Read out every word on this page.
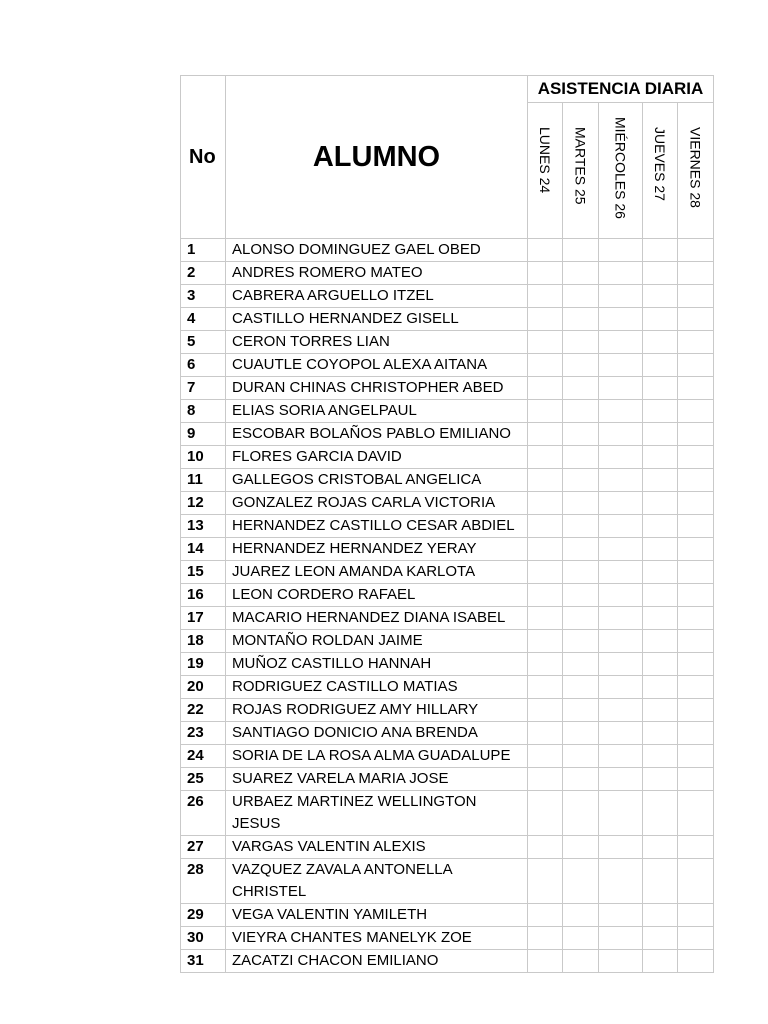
No	ALUMNO	ASISTENCIA DIARIA				

		LUNES 24	MARTES 25	MIÉRCOLES 26	JUEVES 27	VIERNES 28

1	ALONSO DOMINGUEZ GAEL OBED					
2	ANDRES ROMERO MATEO					
3	CABRERA ARGUELLO ITZEL					
4	CASTILLO HERNANDEZ GISELL					
5	CERON TORRES LIAN					
6	CUAUTLE COYOPOL ALEXA AITANA					
7	DURAN CHINAS CHRISTOPHER ABED					
8	ELIAS SORIA ANGELPAUL					
9	ESCOBAR BOLAÑOS PABLO EMILIANO					
10	FLORES GARCIA DAVID					
11	GALLEGOS CRISTOBAL ANGELICA					
12	GONZALEZ ROJAS CARLA VICTORIA					
13	HERNANDEZ CASTILLO CESAR ABDIEL					
14	HERNANDEZ HERNANDEZ YERAY					
15	JUAREZ LEON AMANDA KARLOTA					
16	LEON CORDERO RAFAEL					
17	MACARIO HERNANDEZ DIANA ISABEL					
18	MONTAÑO ROLDAN JAIME					
19	MUÑOZ CASTILLO HANNAH					
20	RODRIGUEZ CASTILLO MATIAS					
22	ROJAS RODRIGUEZ AMY HILLARY					
23	SANTIAGO DONICIO ANA BRENDA					
24	SORIA DE LA ROSA ALMA GUADALUPE					
25	SUAREZ VARELA MARIA JOSE					
26	URBAEZ MARTINEZ WELLINGTON JESUS					
27	VARGAS VALENTIN ALEXIS					
28	VAZQUEZ ZAVALA ANTONELLA CHRISTEL					
29	VEGA VALENTIN YAMILETH					
30	VIEYRA CHANTES MANELYK ZOE					
31	ZACATZI CHACON EMILIANO					
